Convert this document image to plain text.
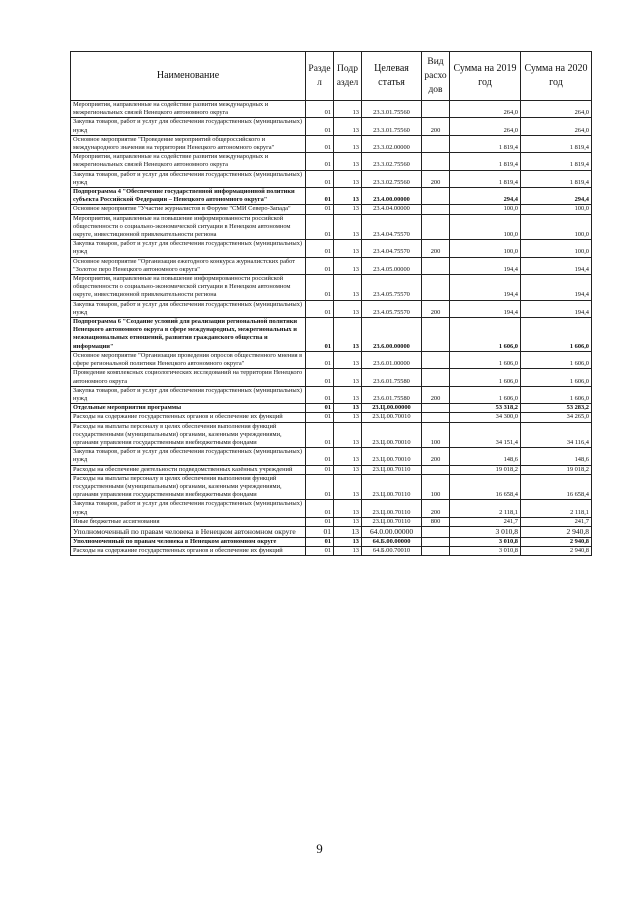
Наименование	Разде л	Подр аздел	Целевая статья	Вид расхо дов	Сумма на 2019 год	Сумма на 2020 год
Мероприятия, направленные на содействие развития международных и межрегиональных связей Ненецкого автономного округа	01	13	23.3.01.75560		264,0	264,0
Закупка товаров, работ и услуг для обеспечения государственных (муниципальных) нужд	01	13	23.3.01.75560	200	264,0	264,0
Основное мероприятие "Проведение мероприятий общероссийского и международного значения на территории Ненецкого автономного округа"	01	13	23.3.02.00000		1 819,4	1 819,4
Мероприятия, направленные на содействие развития международных и межрегиональных связей Ненецкого автономного округа	01	13	23.3.02.75560		1 819,4	1 819,4
Закупка товаров, работ и услуг для обеспечения государственных (муниципальных) нужд	01	13	23.3.02.75560	200	1 819,4	1 819,4
Подпрограмма 4 "Обеспечение государственной информационной политики субъекта Российской Федерации – Ненецкого автономного округа"	01	13	23.4.00.00000		294,4	294,4
Основное мероприятие "Участие журналистов в Форуме "СМИ Северо-Запада"	01	13	23.4.04.00000		100,0	100,0
Мероприятия, направленные на повышение информированности российской общественности о социально-экономической ситуации в Ненецком автономном округе, инвестиционной привлекательности региона	01	13	23.4.04.75570		100,0	100,0
Закупка товаров, работ и услуг для обеспечения государственных (муниципальных) нужд	01	13	23.4.04.75570	200	100,0	100,0
Основное мероприятие "Организация ежегодного конкурса журналистских работ "Золотое перо Ненецкого автономного округа"	01	13	23.4.05.00000		194,4	194,4
Мероприятия, направленные на повышение информированности российской общественности о социально-экономической ситуации в Ненецком автономном округе, инвестиционной привлекательности региона	01	13	23.4.05.75570		194,4	194,4
Закупка товаров, работ и услуг для обеспечения государственных (муниципальных) нужд	01	13	23.4.05.75570	200	194,4	194,4
Подпрограмма 6 "Создание условий для реализации региональной политики Ненецкого автономного округа в сфере международных, межрегиональных и межнациональных отношений, развития гражданского общества и информации"	01	13	23.6.00.00000		1 606,0	1 606,0
Основное мероприятие "Организация проведения опросов общественного мнения в сфере региональной политики Ненецкого автономного округа"	01	13	23.6.01.00000		1 606,0	1 606,0
Проведение комплексных социологических исследований на территории Ненецкого автономного округа	01	13	23.6.01.75580		1 606,0	1 606,0
Закупка товаров, работ и услуг для обеспечения государственных (муниципальных) нужд	01	13	23.6.01.75580	200	1 606,0	1 606,0
Отдельные мероприятия программы	01	13	23.Ц.00.00000		53 318,2	53 283,2
Расходы на содержание государственных органов и обеспечение их функций	01	13	23.Ц.00.70010		34 300,0	34 265,0
Расходы на выплаты персоналу в целях обеспечения выполнения функций государственными (муниципальными) органами, казенными учреждениями, органами управления государственными внебюджетными фондами	01	13	23.Ц.00.70010	100	34 151,4	34 116,4
Закупка товаров, работ и услуг для обеспечения государственных (муниципальных) нужд	01	13	23.Ц.00.70010	200	148,6	148,6
Расходы на обеспечение деятельности подведомственных казённых учреждений	01	13	23.Ц.00.70110		19 018,2	19 018,2
Расходы на выплаты персоналу в целях обеспечения выполнения функций государственными (муниципальными) органами, казенными учреждениями, органами управления государственными внебюджетными фондами	01	13	23.Ц.00.70110	100	16 658,4	16 658,4
Закупка товаров, работ и услуг для обеспечения государственных (муниципальных) нужд	01	13	23.Ц.00.70110	200	2 118,1	2 118,1
Иные бюджетные ассигнования	01	13	23.Ц.00.70110	800	241,7	241,7
Уполномоченный по правам человека в Ненецком автономном округе	01	13	64.0.00.00000		3 010,8	2 940,8
Уполномоченный по правам человека в Ненецком автономном округе	01	13	64.Б.00.00000		3 010,8	2 940,8
Расходы на содержание государственных органов и обеспечение их функций	01	13	64.Б.00.70010		3 010,8	2 940,8
9
